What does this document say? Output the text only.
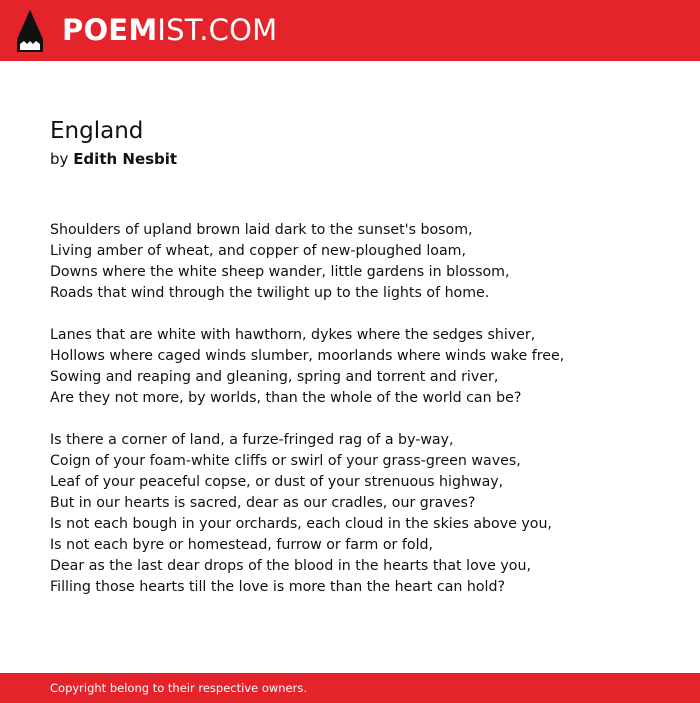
POEMIST.COM
England
by Edith Nesbit
Shoulders of upland brown laid dark to the sunset's bosom,
Living amber of wheat, and copper of new-ploughed loam,
Downs where the white sheep wander, little gardens in blossom,
Roads that wind through the twilight up to the lights of home.
Lanes that are white with hawthorn, dykes where the sedges shiver,
Hollows where caged winds slumber, moorlands where winds wake free,
Sowing and reaping and gleaning, spring and torrent and river,
Are they not more, by worlds, than the whole of the world can be?
Is there a corner of land, a furze-fringed rag of a by-way,
Coign of your foam-white cliffs or swirl of your grass-green waves,
Leaf of your peaceful copse, or dust of your strenuous highway,
But in our hearts is sacred, dear as our cradles, our graves?
Is not each bough in your orchards, each cloud in the skies above you,
Is not each byre or homestead, furrow or farm or fold,
Dear as the last dear drops of the blood in the hearts that love you,
Filling those hearts till the love is more than the heart can hold?
Copyright belong to their respective owners.
